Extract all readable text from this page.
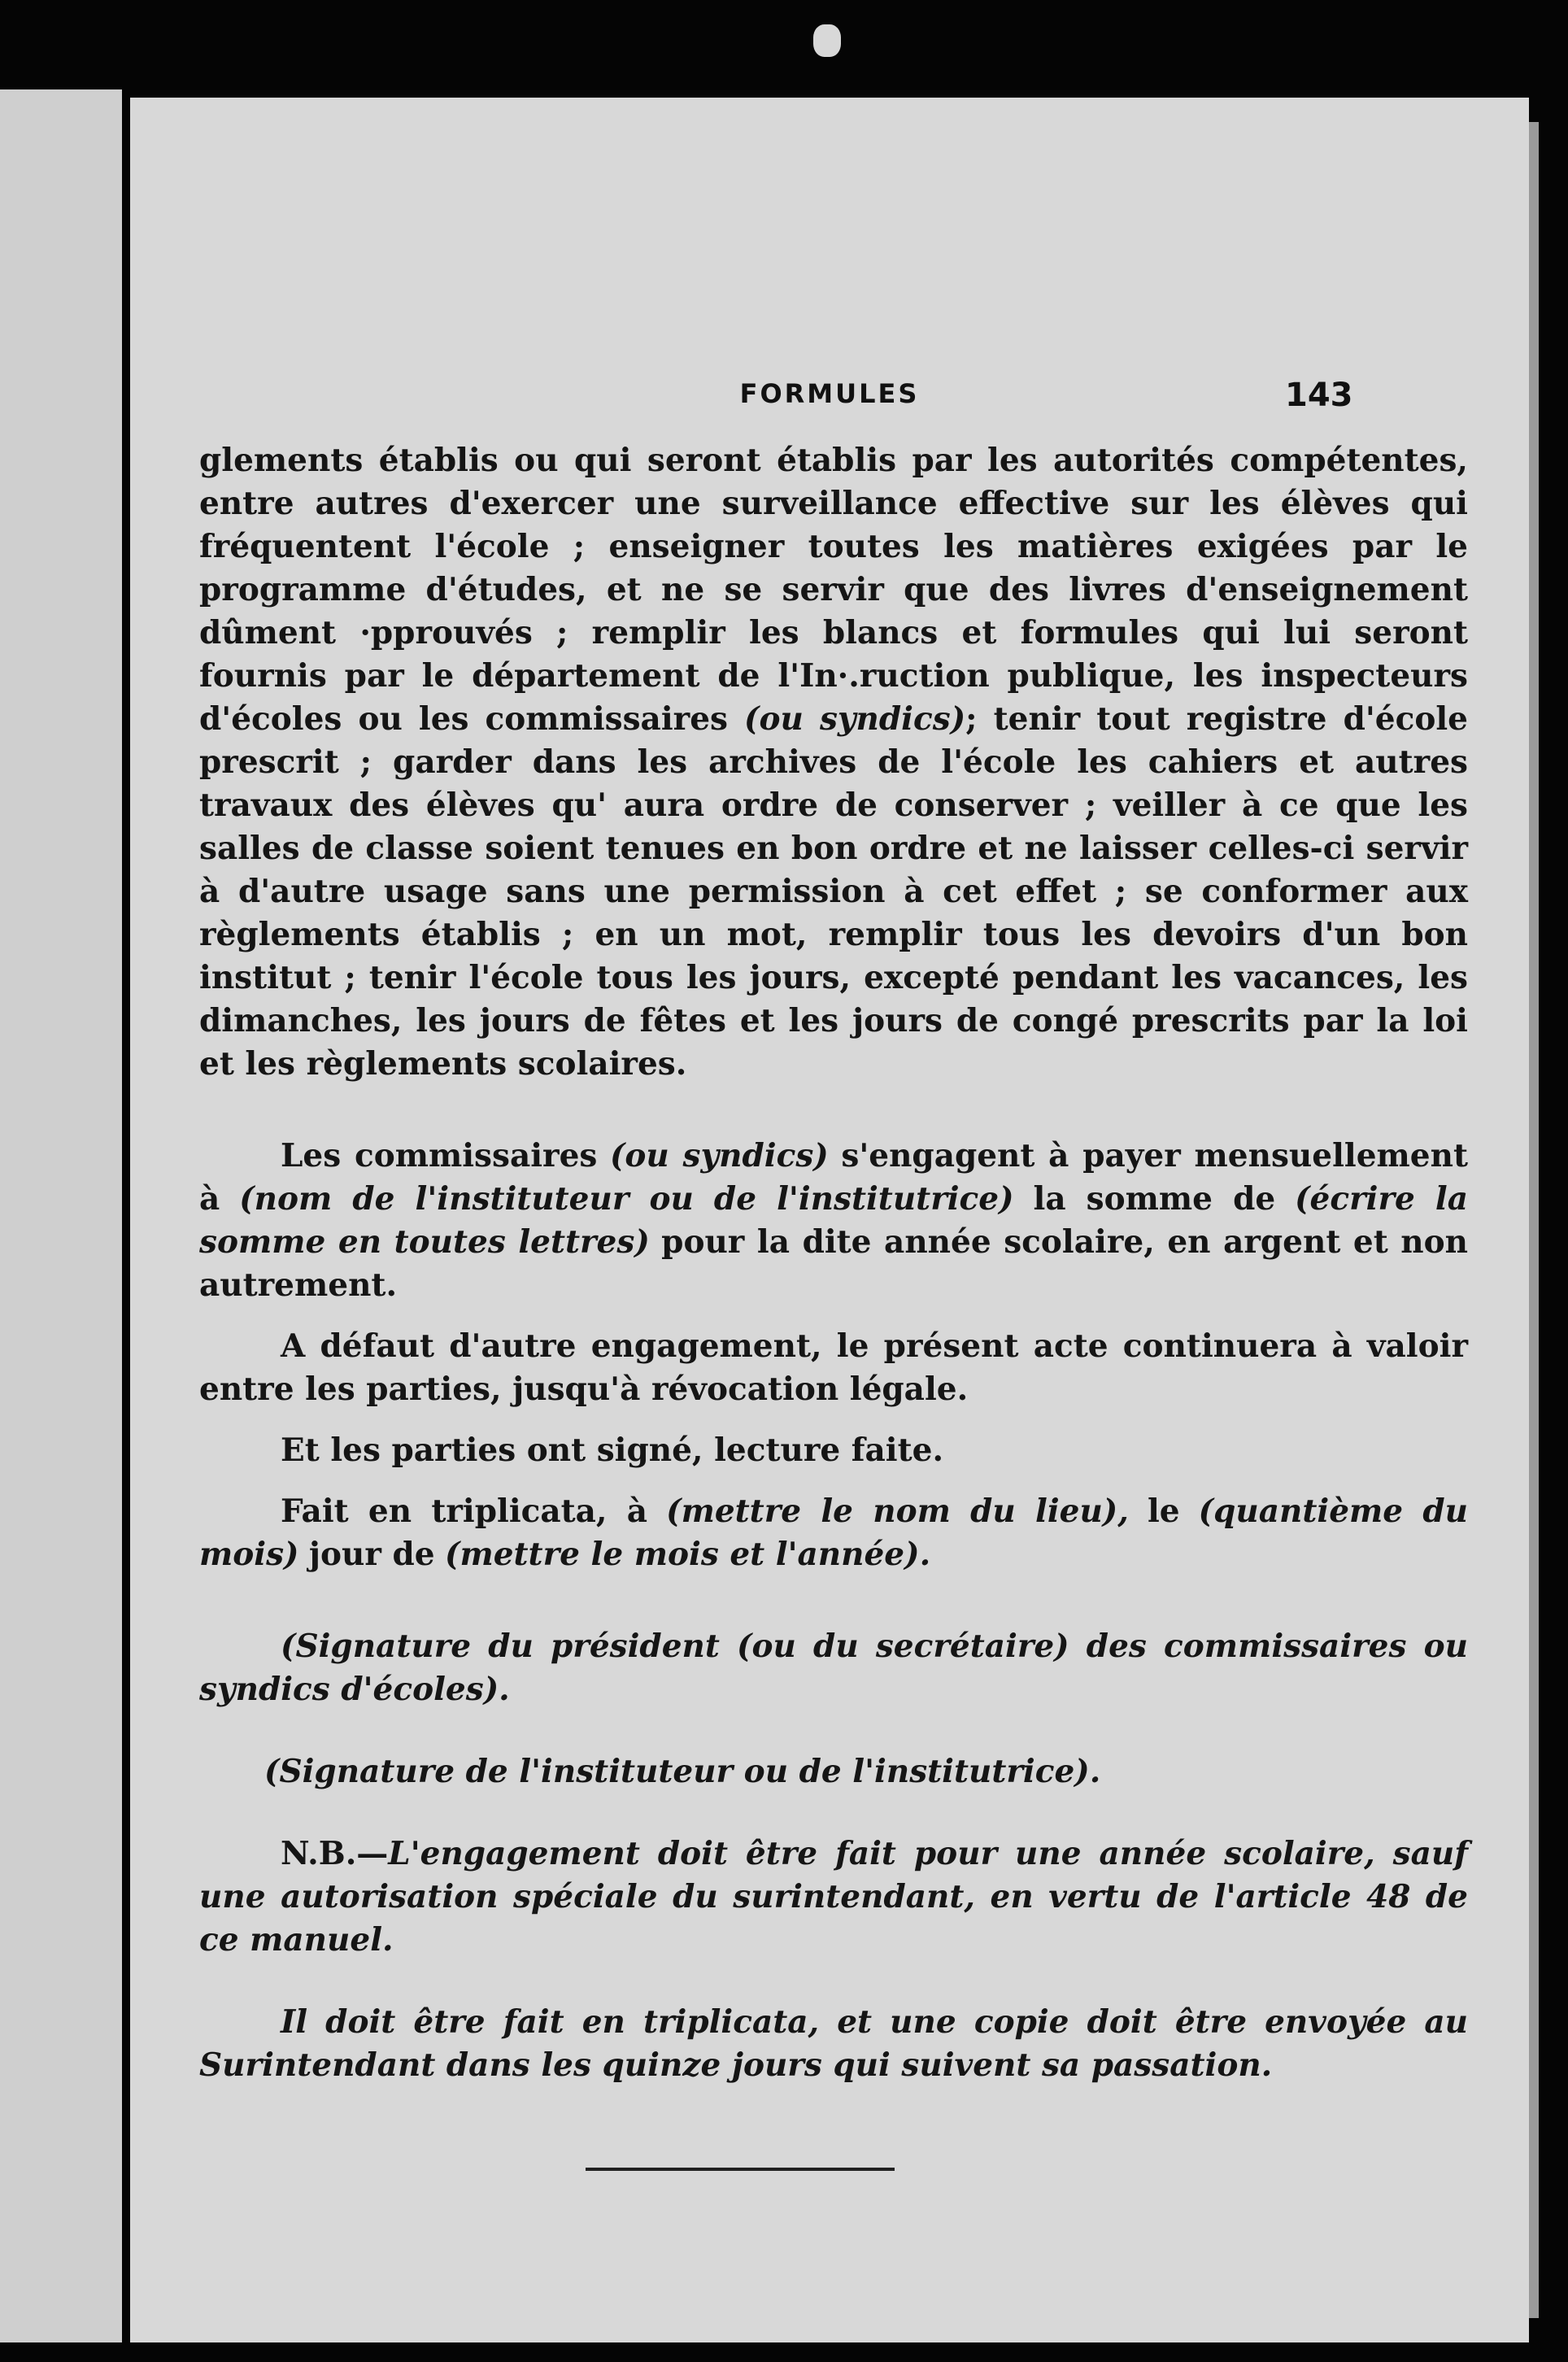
FORMULES	143

glements établis ou qui seront établis par les autorités compétentes, entre autres d'exercer une surveillance effective sur les élèves qui fréquentent l'école ; enseigner toutes les matières exigées par le programme d'études, et ne se servir que des livres d'enseignement dûment ·pprouvés ; remplir les blancs et formules qui lui seront fournis par le département de l'In·.ruction publique, les inspecteurs d'écoles ou les commissaires (ou syndics); tenir tout registre d'école prescrit ; garder dans les archives de l'école les cahiers et autres travaux des élèves qu' aura ordre de conserver ; veiller à ce que les salles de classe soient tenues en bon ordre et ne laisser celles-ci servir à d'autre usage sans une permission à cet effet ; se conformer aux règlements établis ; en un mot, remplir tous les devoirs d'un bon institut ; tenir l'école tous les jours, excepté pendant les vacances, les dimanches, les jours de fêtes et les jours de congé prescrits par la loi et les règlements scolaires.

Les commissaires (ou syndics) s'engagent à payer mensuellement à (nom de l'instituteur ou de l'institutrice) la somme de (écrire la somme en toutes lettres) pour la dite année scolaire, en argent et non autrement.

A défaut d'autre engagement, le présent acte continuera à valoir entre les parties, jusqu'à révocation légale.

Et les parties ont signé, lecture faite.

Fait en triplicata, à (mettre le nom du lieu), le (quantième du mois) jour de (mettre le mois et l'année).

(Signature du président (ou du secrétaire) des commissaires ou syndics d'écoles).

(Signature de l'instituteur ou de l'institutrice).

N.B.—L'engagement doit être fait pour une année scolaire, sauf une autorisation spéciale du surintendant, en vertu de l'article 48 de ce manuel.

Il doit être fait en triplicata, et une copie doit être envoyée au Surintendant dans les quinze jours qui suivent sa passation.
